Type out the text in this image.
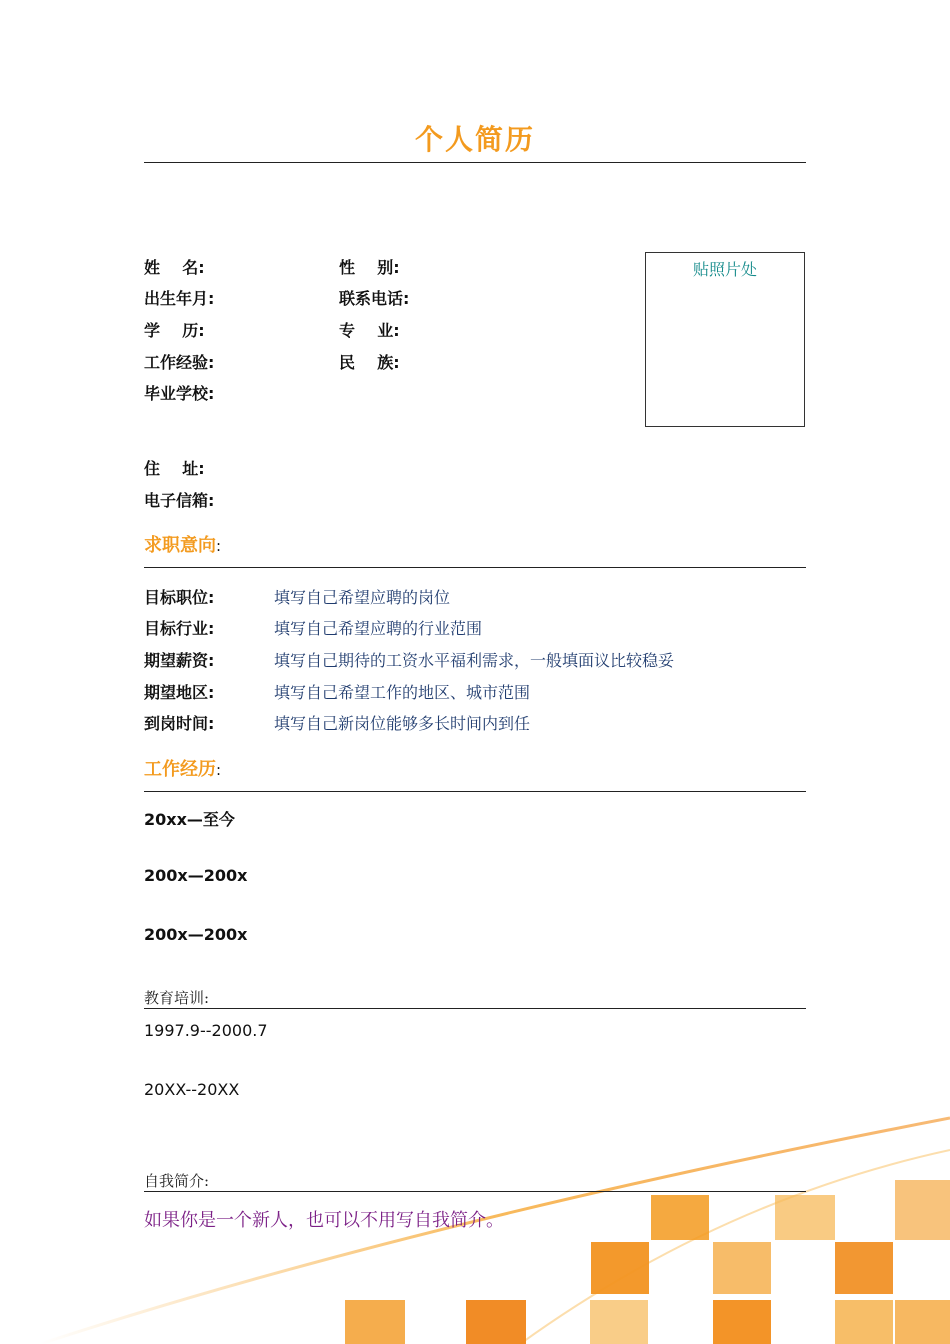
个人简历
姓    名:	性    别:
出生年月:	联系电话:
学    历:	专    业:
工作经验:	民    族:
毕业学校:
住    址:
电子信箱:
贴照片处
求职意向:
目标职位:	填写自己希望应聘的岗位
目标行业:	填写自己希望应聘的行业范围
期望薪资:	填写自己期待的工资水平福利需求，一般填面议比较稳妥
期望地区:	填写自己希望工作的地区、城市范围
到岗时间:	填写自己新岗位能够多长时间内到任
工作经历:
20xx—至今
200x—200x
200x—200x
教育培训:
1997.9--2000.7
20XX--20XX
自我简介:
如果你是一个新人，也可以不用写自我简介。
